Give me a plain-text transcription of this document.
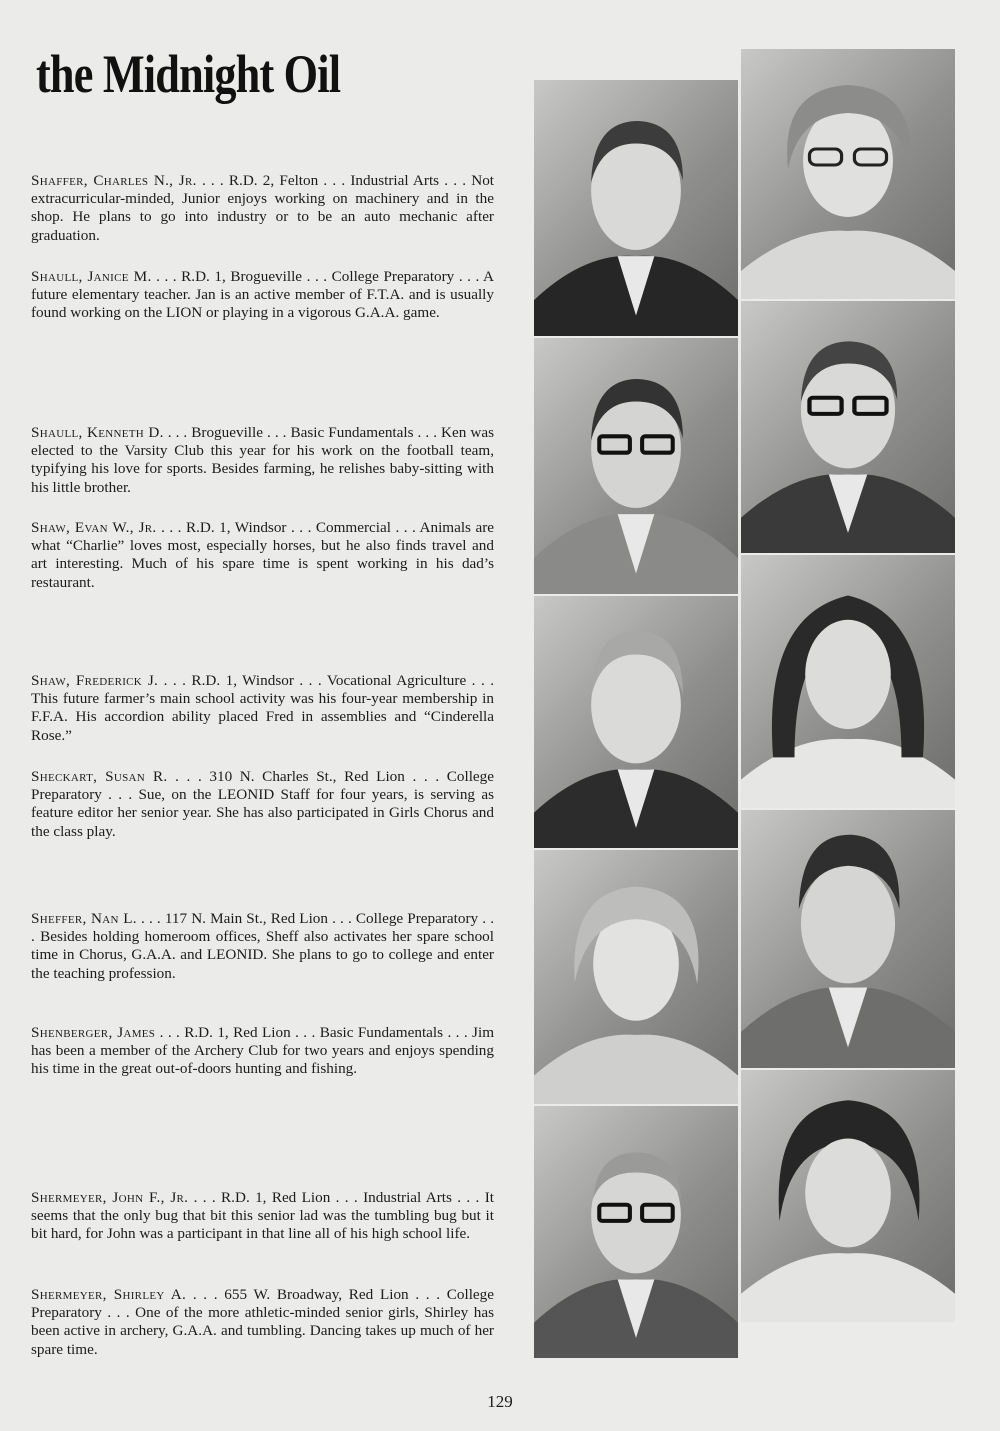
the Midnight Oil

Shaffer, Charles N., Jr. . . . R.D. 2, Felton . . . Industrial Arts . . . Not extracurricular-minded, Junior enjoys working on machinery and in the shop. He plans to go into industry or to be an auto mechanic after graduation.

Shaull, Janice M. . . . R.D. 1, Brogueville . . . College Preparatory . . . A future elementary teacher. Jan is an active member of F.T.A. and is usually found working on the LION or playing in a vigorous G.A.A. game.

Shaull, Kenneth D. . . . Brogueville . . . Basic Fundamentals . . . Ken was elected to the Varsity Club this year for his work on the football team, typifying his love for sports. Besides farming, he relishes baby-sitting with his little brother.

Shaw, Evan W., Jr. . . . R.D. 1, Windsor . . . Commercial . . . Animals are what “Charlie” loves most, especially horses, but he also finds travel and art interesting. Much of his spare time is spent working in his dad’s restaurant.

Shaw, Frederick J. . . . R.D. 1, Windsor . . . Vocational Agriculture . . . This future farmer’s main school activity was his four-year membership in F.F.A. His accordion ability placed Fred in assemblies and “Cinderella Rose.”

Sheckart, Susan R. . . . 310 N. Charles St., Red Lion . . . College Preparatory . . . Sue, on the LEONID Staff for four years, is serving as feature editor her senior year. She has also participated in Girls Chorus and the class play.

Sheffer, Nan L. . . . 117 N. Main St., Red Lion . . . College Preparatory . . . Besides holding homeroom offices, Sheff also activates her spare school time in Chorus, G.A.A. and LEONID. She plans to go to college and enter the teaching profession.

Shenberger, James . . . R.D. 1, Red Lion . . . Basic Fundamentals . . . Jim has been a member of the Archery Club for two years and enjoys spending his time in the great out-of-doors hunting and fishing.

Shermeyer, John F., Jr. . . . R.D. 1, Red Lion . . . Industrial Arts . . . It seems that the only bug that bit this senior lad was the tumbling bug but it bit hard, for John was a participant in that line all of his high school life.

Shermeyer, Shirley A. . . . 655 W. Broadway, Red Lion . . . College Preparatory . . . One of the more athletic-minded senior girls, Shirley has been active in archery, G.A.A. and tumbling. Dancing takes up much of her spare time.

129
